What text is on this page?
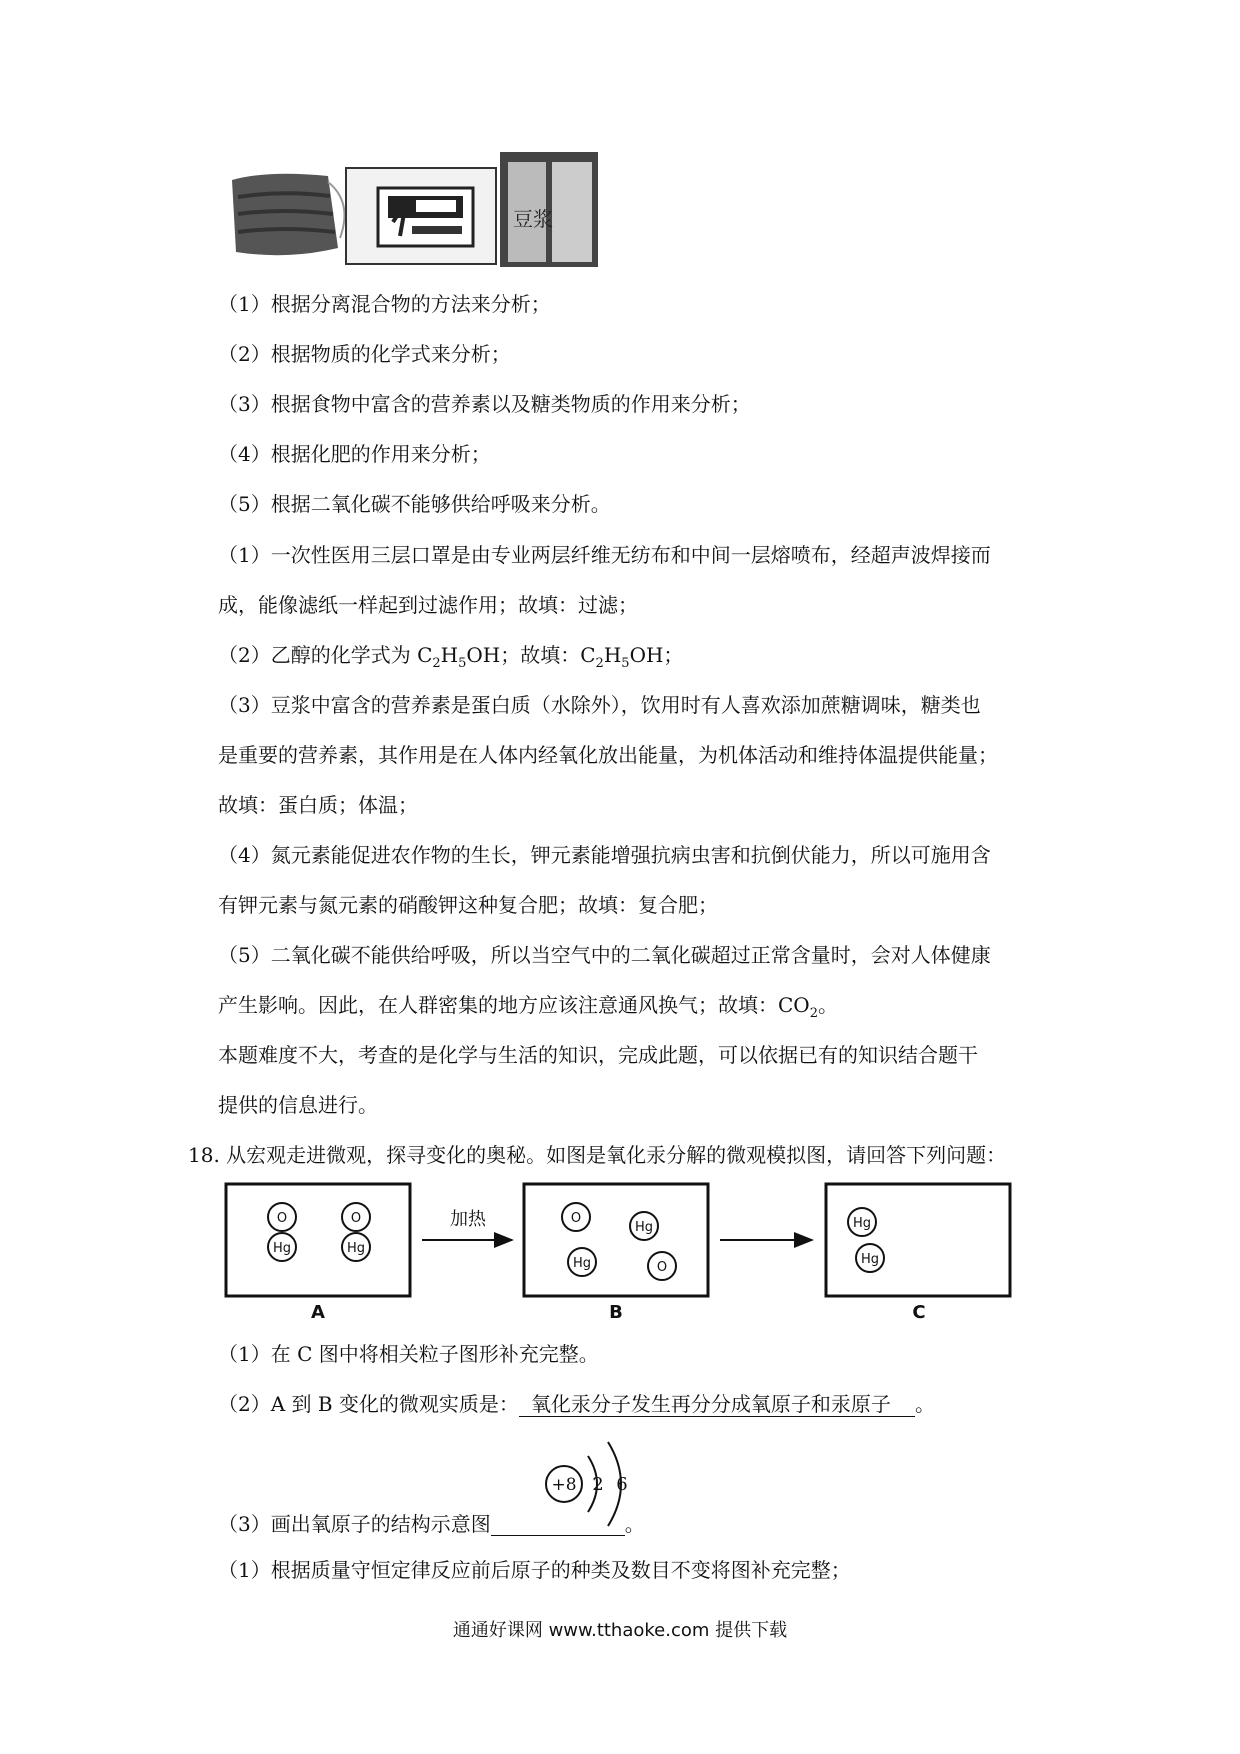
豆浆
（1）根据分离混合物的方法来分析；
（2）根据物质的化学式来分析；
（3）根据食物中富含的营养素以及糖类物质的作用来分析；
（4）根据化肥的作用来分析；
（5）根据二氧化碳不能够供给呼吸来分析。
（1）一次性医用三层口罩是由专业两层纤维无纺布和中间一层熔喷布，经超声波焊接而
成，能像滤纸一样起到过滤作用；故填：过滤；
（2）乙醇的化学式为 $C_2H_5OH$；故填：$C_2H_5OH$；
（3）豆浆中富含的营养素是蛋白质（水除外），饮用时有人喜欢添加蔗糖调味，糖类也
是重要的营养素，其作用是在人体内经氧化放出能量，为机体活动和维持体温提供能量；
故填：蛋白质；体温；
（4）氮元素能促进农作物的生长，钾元素能增强抗病虫害和抗倒伏能力，所以可施用含
有钾元素与氮元素的硝酸钾这种复合肥；故填：复合肥；
（5）二氧化碳不能供给呼吸，所以当空气中的二氧化碳超过正常含量时，会对人体健康
产生影响。因此，在人群密集的地方应该注意通风换气；故填：$CO_2$。
本题难度不大，考查的是化学与生活的知识，完成此题，可以依据已有的知识结合题干
提供的信息进行。
18. 从宏观走进微观，探寻变化的奥秘。如图是氧化汞分解的微观模拟图，请回答下列问题：
O
Hg
O
Hg
加热	O
Hg
Hg	O
Hg
Hg
A	B	C
（1）在 C 图中将相关粒子图形补充完整。
（2）A 到 B 变化的微观实质是： 氧化汞分子发生再分分成氧原子和汞原子 。
+8 2 6
（3）画出氧原子的结构示意图	。
（1）根据质量守恒定律反应前后原子的种类及数目不变将图补充完整；
通通好课网 www.tthaoke.com 提供下载
